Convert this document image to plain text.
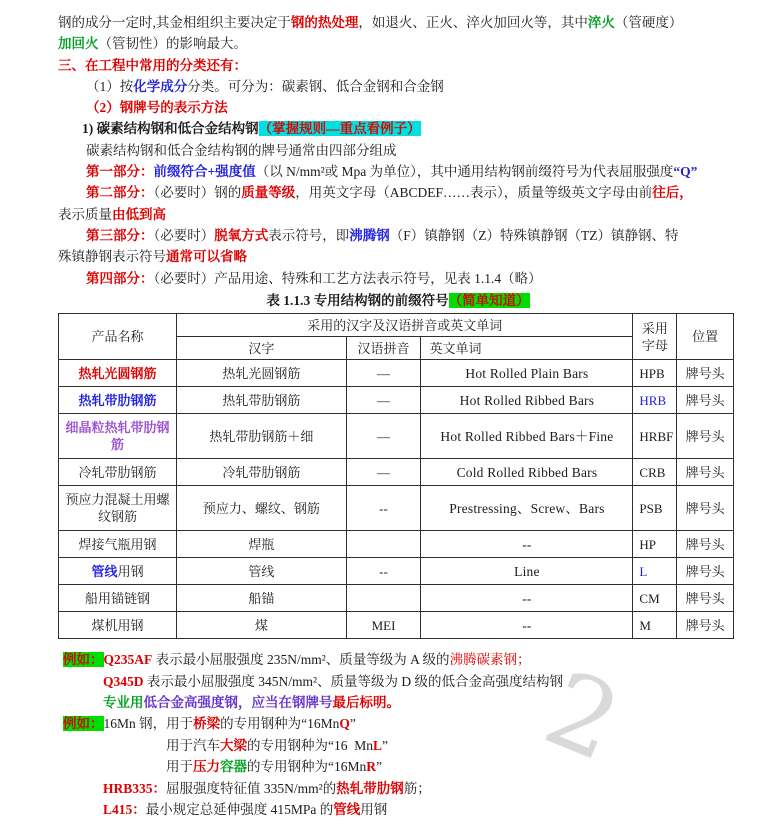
钢的成分一定时,其金相组织主要决定于钢的热处理，如退火、正火、淬火加回火等，其中淬火（管硬度）
加回火（管韧性）的影响最大。
三、在工程中常用的分类还有：
（1）按化学成分分类。可分为：碳素钢、低合金钢和合金钢
（2）钢牌号的表示方法
1) 碳素结构钢和低合金结构钢（掌握规则—重点看例子）
碳素结构钢和低合金结构钢的牌号通常由四部分组成
第一部分：前缀符合+强度值（以 N/mm²或 Mpa 为单位），其中通用结构钢前缀符号为代表屈服强度“Q”
第二部分：（必要时）钢的质量等级，用英文字母（ABCDEF……表示），质量等级英文字母由前往后，
表示质量由低到高
第三部分：（必要时）脱氧方式表示符号，即沸腾钢（F）镇静钢（Z）特殊镇静钢（TZ）镇静钢、特
殊镇静钢表示符号通常可以省略
第四部分：（必要时）产品用途、特殊和工艺方法表示符号，见表 1.1.4（略）
表 1.1.3 专用结构钢的前缀符号（简单知道）
产品名称	采用的汉字及汉语拼音或英文单词			采用字母	位置
	汉字	汉语拼音	英文单词		
热轧光圆钢筋	热轧光圆钢筋	—	Hot Rolled Plain Bars	HPB	牌号头
热轧带肋钢筋	热轧带肋钢筋	—	Hot Rolled Ribbed Bars	HRB	牌号头
细晶粒热轧带肋钢筋	热轧带肋钢筋＋细	—	Hot Rolled Ribbed Bars＋Fine	HRBF	牌号头
冷轧带肋钢筋	冷轧带肋钢筋	—	Cold Rolled Ribbed Bars	CRB	牌号头
预应力混凝土用螺纹钢筋	预应力、螺纹、钢筋	--	Prestressing、Screw、Bars	PSB	牌号头
焊接气瓶用钢	焊瓶		--	HP	牌号头
管线用钢	管线	--	Line	L	牌号头
船用锚链钢	船锚		--	CM	牌号头
煤机用钢	煤	MEI	--	M	牌号头
例如：Q235AF 表示最小屈服强度 235N/mm²、质量等级为 A 级的沸腾碳素钢；
Q345D 表示最小屈服强度 345N/mm²、质量等级为 D 级的低合金高强度结构钢
专业用低合金高强度钢，应当在钢牌号最后标明。
例如：16Mn 钢，用于桥梁的专用钢种为“16MnQ”
用于汽车大梁的专用钢种为“16  MnL”
用于压力容器的专用钢种为“16MnR”
HRB335：屈服强度特征值 335N/mm²的热轧带肋钢筋；
L415：最小规定总延伸强度 415MPa 的管线用钢
2
